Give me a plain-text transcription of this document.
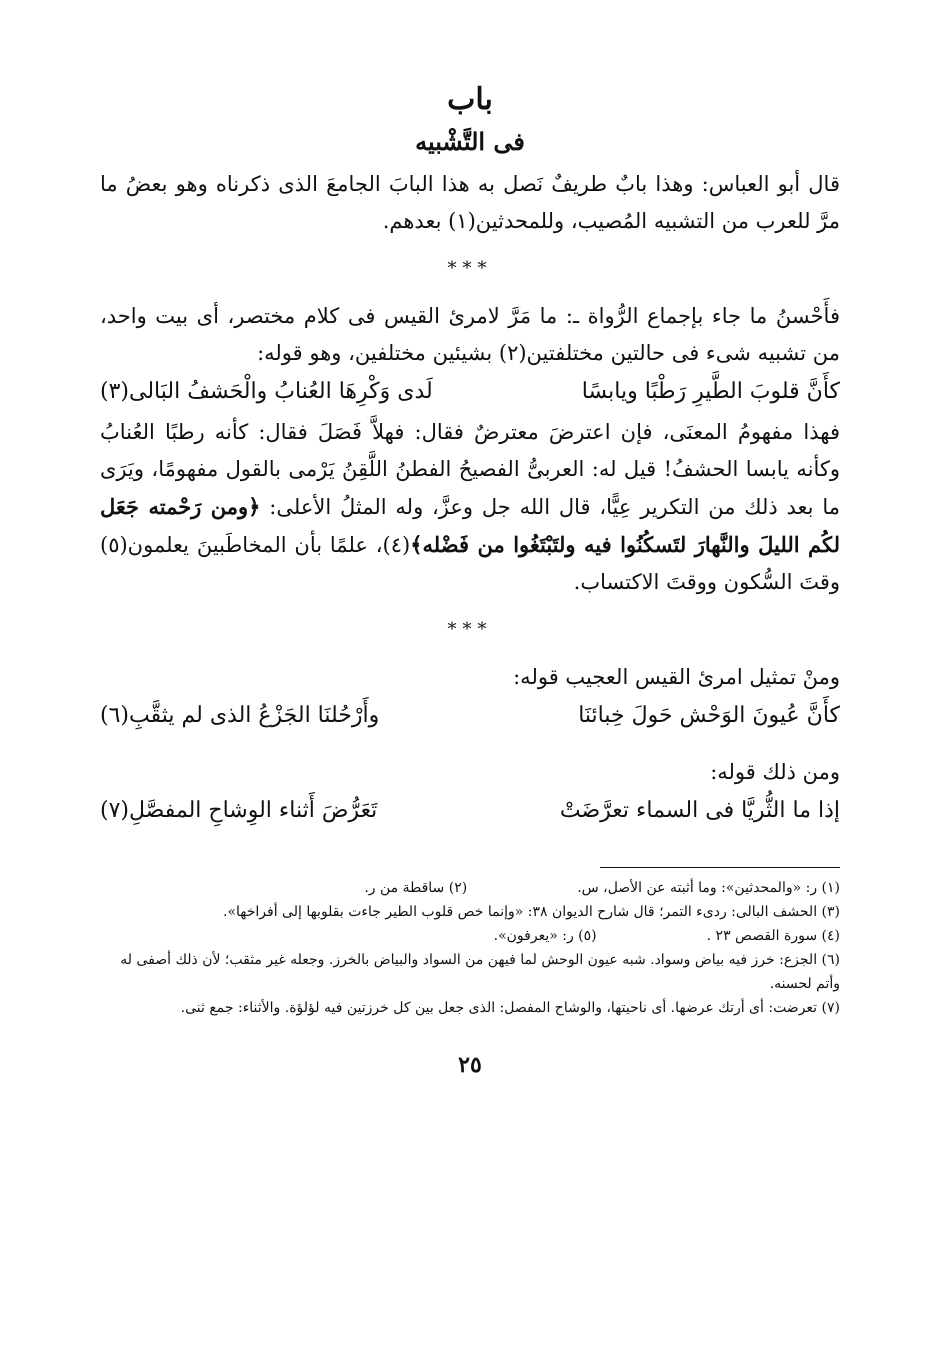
باب
فى التَّشْبيه

قال أبو العباس: وهذا بابٌ طريفٌ نَصل به هذا البابَ الجامعَ الذى ذكرناه وهو بعضُ ما مرَّ للعرب من التشبيه المُصيب، وللمحدثين(١) بعدهم.

***

فأَحْسنُ ما جاء بإجماع الرُّواة ـ: ما مَرَّ لامرئ القيس فى كلام مختصر، أى بيت واحد، من تشبيه شىء فى حالتين مختلفتين(٢) بشيئين مختلفين، وهو قوله:

كأَنَّ قلوبَ الطَّيرِ رَطْبًا ويابسًا
لَدى وَكْرِهَا العُنابُ والْحَشفُ البَالى(٣)

فهذا مفهومُ المعنَى، فإن اعترضَ معترضٌ فقال: فهلاَّ فَصَلَ فقال: كأنه رطبًا العُنابُ وكأنه يابسا الحشفُ! قيل له: العربىُّ الفصيحُ الفطنُ اللَّقِنُ يَرْمى بالقول مفهومًا، ويَرَى ما بعد ذلك من التكرير عِيًّا، قال الله جل وعزَّ، وله المثلُ الأعلى: ﴿ومن رَحْمته جَعَل لكُم الليلَ والنَّهارَ لتَسكُنُوا فيه ولتَبْتَغُوا من فَضْله﴾(٤)، علمًا بأن المخاطَبينَ يعلمون(٥) وقتَ السُّكون ووقتَ الاكتساب.

***

ومنْ تمثيل امرئ القيس العجيب قوله:

كأَنَّ عُيونَ الوَحْش حَولَ خِبائنَا
وأَرْحُلنَا الجَزْعُ الذى لم يثقَّبِ(٦)

ومن ذلك قوله:

إذا ما الثُّريَّا فى السماء تعرَّضَتْ
تَعَرُّضَ أَثناء الوِشاحِ المفصَّلِ(٧)
(١) ر: «والمحدثين»: وما أثبته عن الأصل، س.
(٢) ساقطة من ر.

(٣) الحشف البالى: ردىء التمر؛ قال شارح الديوان ٣٨: «وإنما خص قلوب الطير جاءت بقلوبها إلى أفراخها».

(٤) سورة القصص ٢٣ .
(٥) ر: «يعرفون».

(٦) الجزع: خرز فيه بياض وسواد. شبه عيون الوحش لما فيهن من السواد والبياض بالخرز. وجعله غير مثقب؛ لأن ذلك أصفى له وأتم لحسنه.

(٧) تعرضت: أى أرتك عرضها. أى ناحيتها، والوشاح المفصل: الذى جعل بين كل خرزتين فيه لؤلؤة. والأثناء: جمع ثنى.

٢٥
